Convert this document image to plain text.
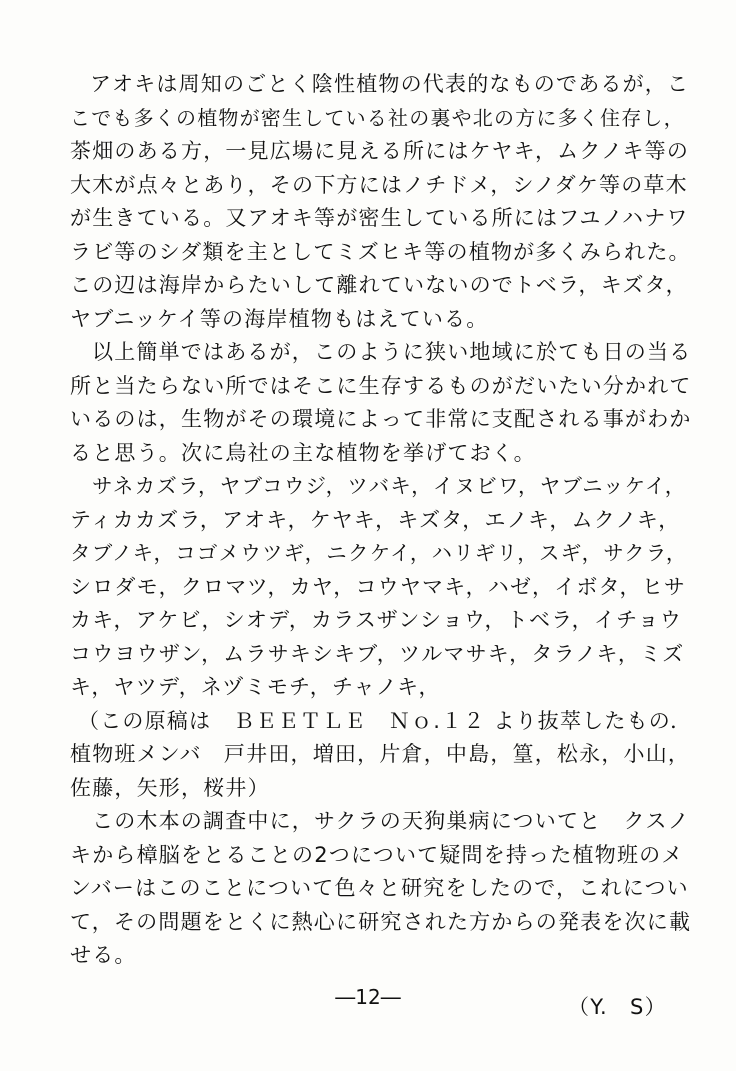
アオキは周知のごとく陰性植物の代表的なものであるが，こ
こでも多くの植物が密生している社の裏や北の方に多く住存し，
茶畑のある方，一見広場に見える所にはケヤキ，ムクノキ等の
大木が点々とあり，その下方にはノチドメ，シノダケ等の草木
が生きている。又アオキ等が密生している所にはフユノハナワ
ラビ等のシダ類を主としてミズヒキ等の植物が多くみられた。
この辺は海岸からたいして離れていないのでトベラ，キズタ，
ヤブニッケイ等の海岸植物もはえている。
以上簡単ではあるが，このように狭い地域に於ても日の当る
所と当たらない所ではそこに生存するものがだいたい分かれて
いるのは，生物がその環境によって非常に支配される事がわか
ると思う。次に烏社の主な植物を挙げておく。
サネカズラ，ヤブコウジ，ツバキ，イヌビワ，ヤブニッケイ，
ティカカズラ，アオキ，ケヤキ，キズタ，エノキ，ムクノキ，
タブノキ，コゴメウツギ，ニクケイ，ハリギリ，スギ，サクラ，
シロダモ，クロマツ，カヤ，コウヤマキ，ハゼ，イボタ，ヒサ
カキ，アケビ，シオデ，カラスザンショウ，トベラ，イチョウ
コウヨウザン，ムラサキシキブ，ツルマサキ，タラノキ，ミズ
キ，ヤツデ，ネヅミモチ，チャノキ，
（この原稿は　ＢＥＥＴＬＥ　Ｎｏ.１２ より抜萃したもの．
植物班メンバ　戸井田，増田，片倉，中島，篁，松永，小山，
佐藤，矢形，桜井）
この木本の調査中に，サクラの天狗巣病についてと　クスノ
キから樟脳をとることの2つについて疑問を持った植物班のメ
ンバーはこのことについて色々と研究をしたので，これについ
て，その問題をとくに熱心に研究された方からの発表を次に載
せる。
（Y.　S）
―12―
